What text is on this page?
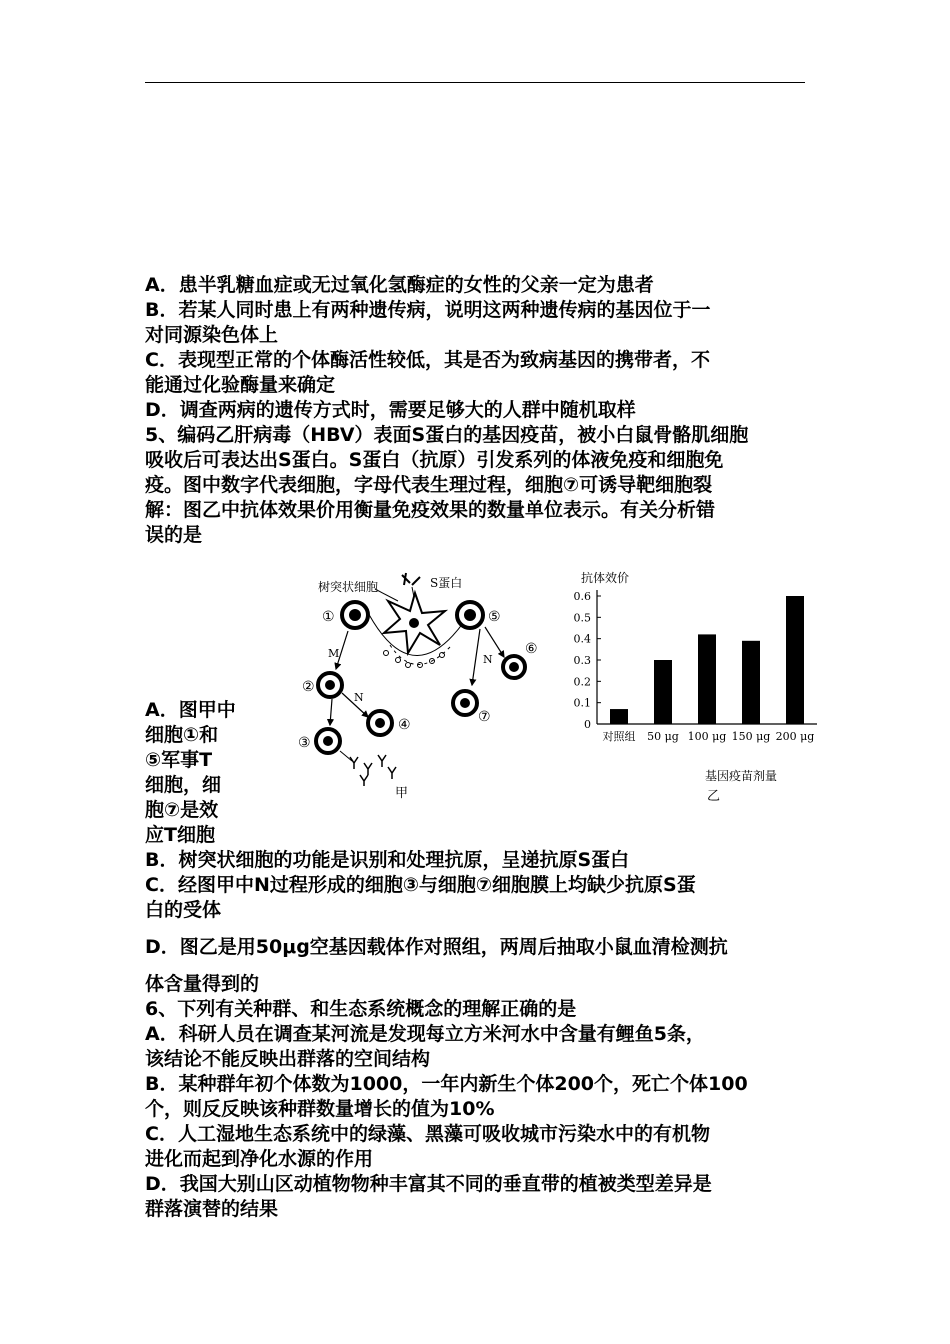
A．患半乳糖血症或无过氧化氢酶症的女性的父亲一定为患者
B．若某人同时患上有两种遗传病，说明这两种遗传病的基因位于一
对同源染色体上
C．表现型正常的个体酶活性较低，其是否为致病基因的携带者，不
能通过化验酶量来确定
D．调查两病的遗传方式时，需要足够大的人群中随机取样
5、编码乙肝病毒（HBV）表面S蛋白的基因疫苗，被小白鼠骨骼肌细胞
吸收后可表达出S蛋白。S蛋白（抗原）引发系列的体液免疫和细胞免
疫。图中数字代表细胞，字母代表生理过程，细胞⑦可诱导靶细胞裂
解：图乙中抗体效果价用衡量免疫效果的数量单位表示。有关分析错
误的是
A．图甲中
细胞①和
⑤军事T
细胞，细
胞⑦是效
应T细胞
B．树突状细胞的功能是识别和处理抗原，呈递抗原S蛋白
C．经图甲中N过程形成的细胞③与细胞⑦细胞膜上均缺少抗原S蛋
白的受体
D．图乙是用50μg空基因载体作对照组，两周后抽取小鼠血清检测抗
体含量得到的
S蛋白
树突状细胞
①	⑤
②
③
④
⑥
⑦
M
N
N
甲
抗体效价
0
0.1
0.2
0.3
0.4
0.5
0.6
对照组 50 μg 100 μg 150 μg 200 μg
基因疫苗剂量
乙
6、下列有关种群、和生态系统概念的理解正确的是
A．科研人员在调查某河流是发现每立方米河水中含量有鲤鱼5条，
该结论不能反映出群落的空间结构
B．某种群年初个体数为1000，一年内新生个体200个，死亡个体100
个，则反反映该种群数量增长的值为10%
C．人工湿地生态系统中的绿藻、黑藻可吸收城市污染水中的有机物
进化而起到净化水源的作用
D．我国大别山区动植物物种丰富其不同的垂直带的植被类型差异是
群落演替的结果
